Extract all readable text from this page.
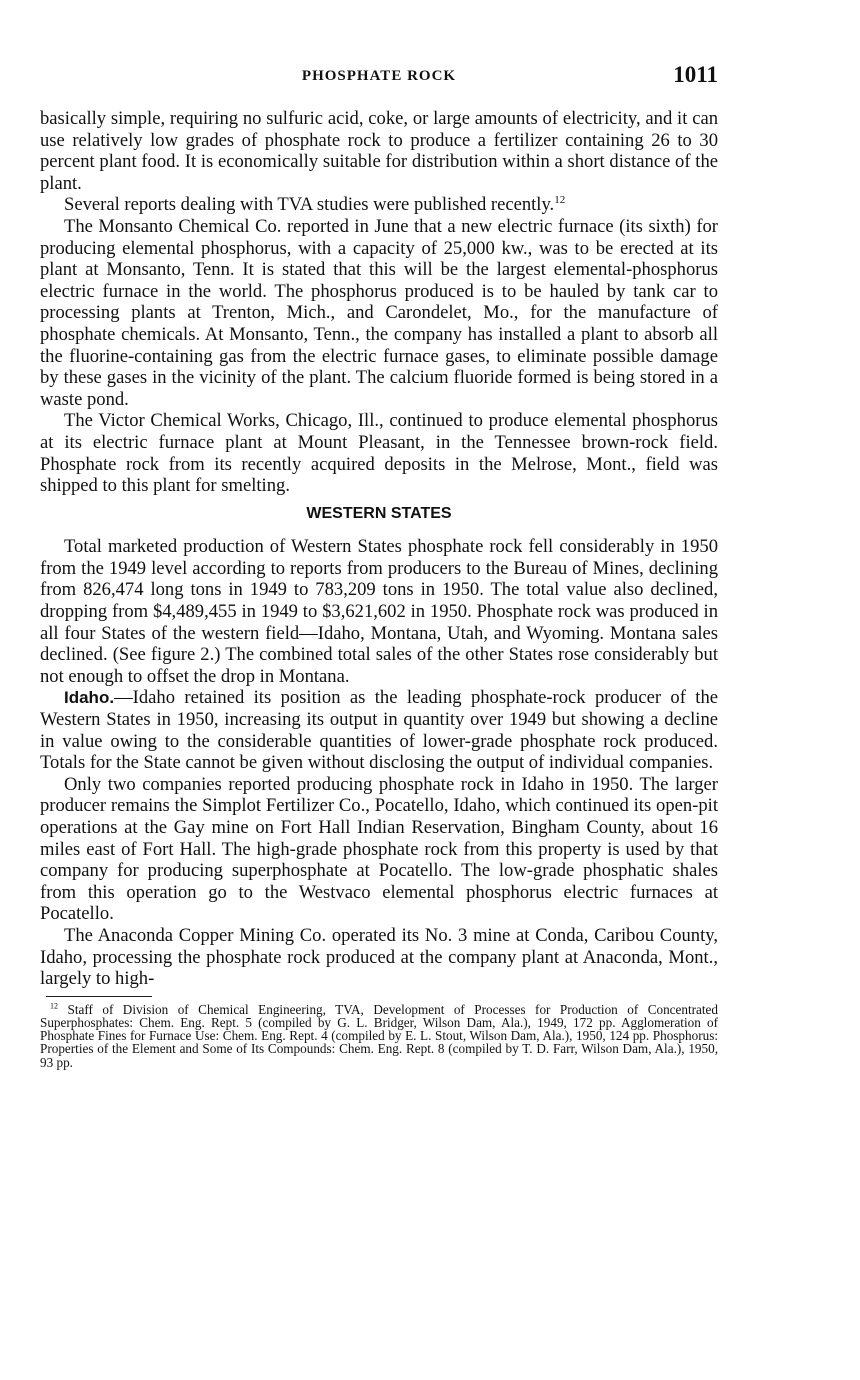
PHOSPHATE ROCK	1011

basically simple, requiring no sulfuric acid, coke, or large amounts of electricity, and it can use relatively low grades of phosphate rock to produce a fertilizer containing 26 to 30 percent plant food. It is economically suitable for distribution within a short distance of the plant.

Several reports dealing with TVA studies were published recently.$^{12}$

The Monsanto Chemical Co. reported in June that a new electric furnace (its sixth) for producing elemental phosphorus, with a capacity of 25,000 kw., was to be erected at its plant at Monsanto, Tenn. It is stated that this will be the largest elemental-phosphorus electric furnace in the world. The phosphorus produced is to be hauled by tank car to processing plants at Trenton, Mich., and Carondelet, Mo., for the manufacture of phosphate chemicals. At Monsanto, Tenn., the company has installed a plant to absorb all the fluorine-containing gas from the electric furnace gases, to eliminate possible damage by these gases in the vicinity of the plant. The calcium fluoride formed is being stored in a waste pond.

The Victor Chemical Works, Chicago, Ill., continued to produce elemental phosphorus at its electric furnace plant at Mount Pleasant, in the Tennessee brown-rock field. Phosphate rock from its recently acquired deposits in the Melrose, Mont., field was shipped to this plant for smelting.

WESTERN STATES

Total marketed production of Western States phosphate rock fell considerably in 1950 from the 1949 level according to reports from producers to the Bureau of Mines, declining from 826,474 long tons in 1949 to 783,209 tons in 1950. The total value also declined, dropping from $4,489,455 in 1949 to $3,621,602 in 1950. Phosphate rock was produced in all four States of the western field—Idaho, Montana, Utah, and Wyoming. Montana sales declined. (See figure 2.) The combined total sales of the other States rose considerably but not enough to offset the drop in Montana.

Idaho.—Idaho retained its position as the leading phosphate-rock producer of the Western States in 1950, increasing its output in quantity over 1949 but showing a decline in value owing to the considerable quantities of lower-grade phosphate rock produced. Totals for the State cannot be given without disclosing the output of individual companies.

Only two companies reported producing phosphate rock in Idaho in 1950. The larger producer remains the Simplot Fertilizer Co., Pocatello, Idaho, which continued its open-pit operations at the Gay mine on Fort Hall Indian Reservation, Bingham County, about 16 miles east of Fort Hall. The high-grade phosphate rock from this property is used by that company for producing superphosphate at Pocatello. The low-grade phosphatic shales from this operation go to the Westvaco elemental phosphorus electric furnaces at Pocatello.

The Anaconda Copper Mining Co. operated its No. 3 mine at Conda, Caribou County, Idaho, processing the phosphate rock produced at the company plant at Anaconda, Mont., largely to high-

$^{12}$ Staff of Division of Chemical Engineering, TVA, Development of Processes for Production of Concentrated Superphosphates: Chem. Eng. Rept. 5 (compiled by G. L. Bridger, Wilson Dam, Ala.), 1949, 172 pp. Agglomeration of Phosphate Fines for Furnace Use: Chem. Eng. Rept. 4 (compiled by E. L. Stout, Wilson Dam, Ala.), 1950, 124 pp. Phosphorus: Properties of the Element and Some of Its Compounds: Chem. Eng. Rept. 8 (compiled by T. D. Farr, Wilson Dam, Ala.), 1950, 93 pp.
